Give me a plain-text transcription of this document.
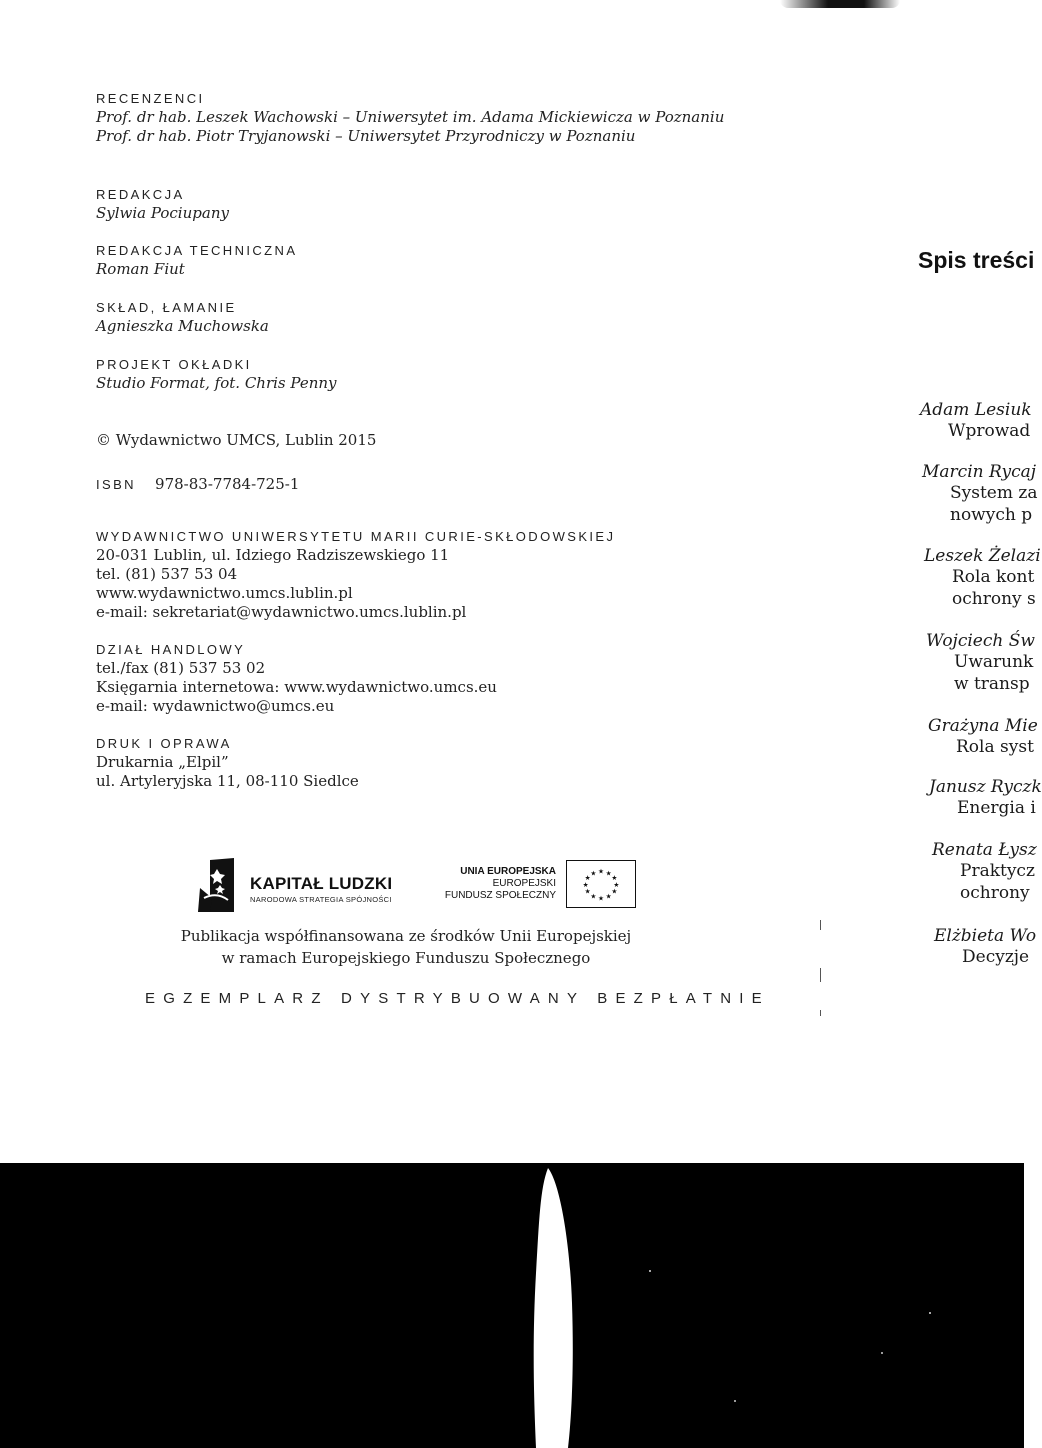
RECENZENCI
Prof. dr hab. Leszek Wachowski – Uniwersytet im. Adama Mickiewicza w Poznaniu
Prof. dr hab. Piotr Tryjanowski – Uniwersytet Przyrodniczy w Poznaniu
REDAKCJA
Sylwia Pociupany
REDAKCJA TECHNICZNA
Roman Fiut
SKŁAD, ŁAMANIE
Agnieszka Muchowska
PROJEKT OKŁADKI
Studio Format, fot. Chris Penny
© Wydawnictwo UMCS, Lublin 2015
ISBN 978-83-7784-725-1
WYDAWNICTWO UNIWERSYTETU MARII CURIE-SKŁODOWSKIEJ
20-031 Lublin, ul. Idziego Radziszewskiego 11
tel. (81) 537 53 04
www.wydawnictwo.umcs.lublin.pl
e-mail: sekretariat@wydawnictwo.umcs.lublin.pl
DZIAŁ HANDLOWY
tel./fax (81) 537 53 02
Księgarnia internetowa: www.wydawnictwo.umcs.eu
e-mail: wydawnictwo@umcs.eu
DRUK I OPRAWA
Drukarnia „Elpil”
ul. Artyleryjska 11, 08-110 Siedlce
KAPITAŁ LUDZKI
NARODOWA STRATEGIA SPÓJNOŚCI
UNIA EUROPEJSKA
EUROPEJSKI
FUNDUSZ SPOŁECZNY
★ ★
★
★
★
★
★
★
★
★
★
★
Publikacja współfinansowana ze środków Unii Europejskiej
w ramach Europejskiego Funduszu Społecznego
EGZEMPLARZ DYSTRYBUOWANY BEZPŁATNIE
Spis treści
Adam Lesiuk
Wprowad
Marcin Rycaj
System za
nowych p
Leszek Żelazi
Rola kont
ochrony s
Wojciech Św
Uwarunk
w transp
Grażyna Mie
Rola syst
Janusz Ryczk
Energia i
Renata Łysz
Praktycz
ochrony
Elżbieta Wo
Decyzje
